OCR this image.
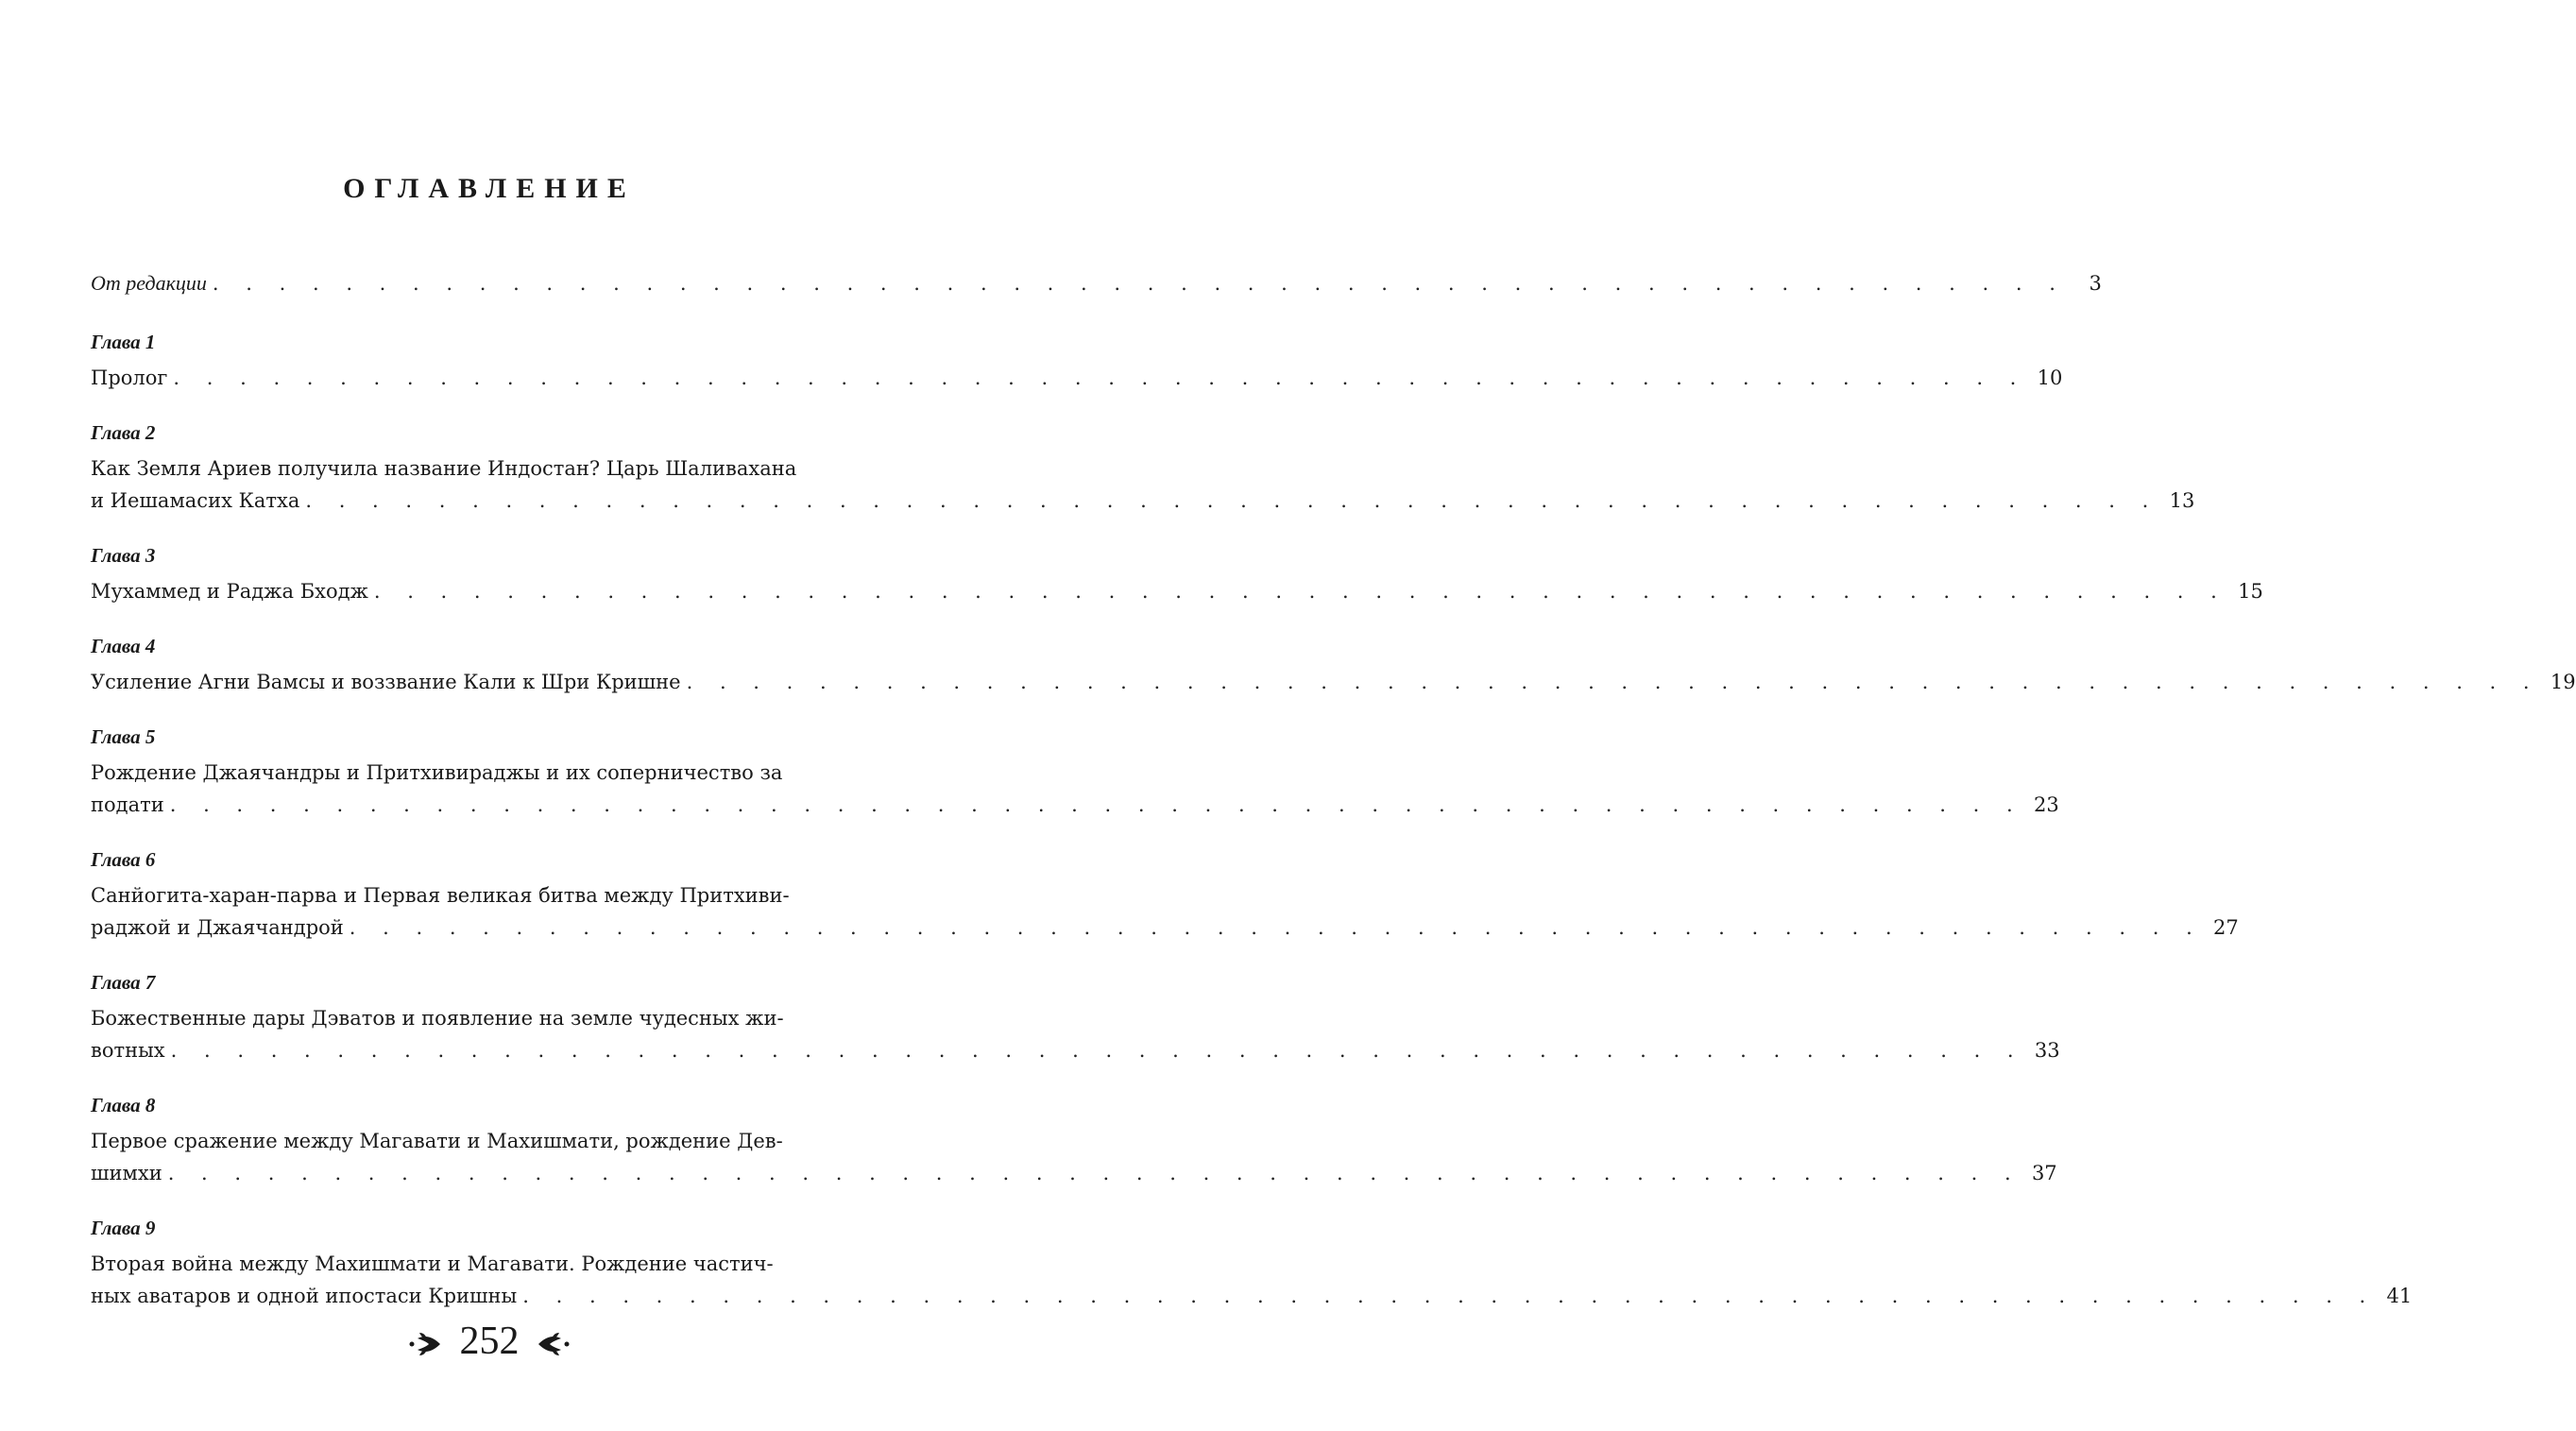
ОГЛАВЛЕНИЕ
От редакции . . . . . . . . . . . . . . . . . . . . . . . . . . . . . . . . . . . . . . . . . . . . . . . . . . . . . . . .	3
Глава 1
Пролог . . . . . . . . . . . . . . . . . . . . . . . . . . . . . . . . . . . . . . . . . . . . . . . . . . . . . . . . 10
Глава 2
Как Земля Ариев получила название Индостан? Царь Шаливахана
и Иешамасих Катха . . . . . . . . . . . . . . . . . . . . . . . . . . . . . . . . . . . . . . . . . . . . . . . . . . . . . . . . 13
Глава 3
Мухаммед и Раджа Бходж . . . . . . . . . . . . . . . . . . . . . . . . . . . . . . . . . . . . . . . . . . . . . . . . . . . . . . . . 15
Глава 4
Усиление Агни Вамсы и воззвание Кали к Шри Кришне . . . . . . . . . . . . . . . . . . . . . . . . . . . . . . . . . . . . . . . . . . . . . . . . . . . . . . . . 19
Глава 5
Рождение Джаячандры и Притхивираджы и их соперничество за
подати . . . . . . . . . . . . . . . . . . . . . . . . . . . . . . . . . . . . . . . . . . . . . . . . . . . . . . . . 23
Глава 6
Санйогита-харан-парва и Первая великая битва между Притхиви-
раджой и Джаячандрой . . . . . . . . . . . . . . . . . . . . . . . . . . . . . . . . . . . . . . . . . . . . . . . . . . . . . . . . 27
Глава 7
Божественные дары Дэватов и появление на земле чудесных жи-
вотных . . . . . . . . . . . . . . . . . . . . . . . . . . . . . . . . . . . . . . . . . . . . . . . . . . . . . . . . 33
Глава 8
Первое сражение между Магавати и Махишмати, рождение Дев-
шимхи . . . . . . . . . . . . . . . . . . . . . . . . . . . . . . . . . . . . . . . . . . . . . . . . . . . . . . . . 37
Глава 9
Вторая война между Махишмати и Магавати. Рождение частич-
ных аватаров и одной ипостаси Кришны . . . . . . . . . . . . . . . . . . . . . . . . . . . . . . . . . . . . . . . . . . . . . . . . . . . . . . . . 41
252
